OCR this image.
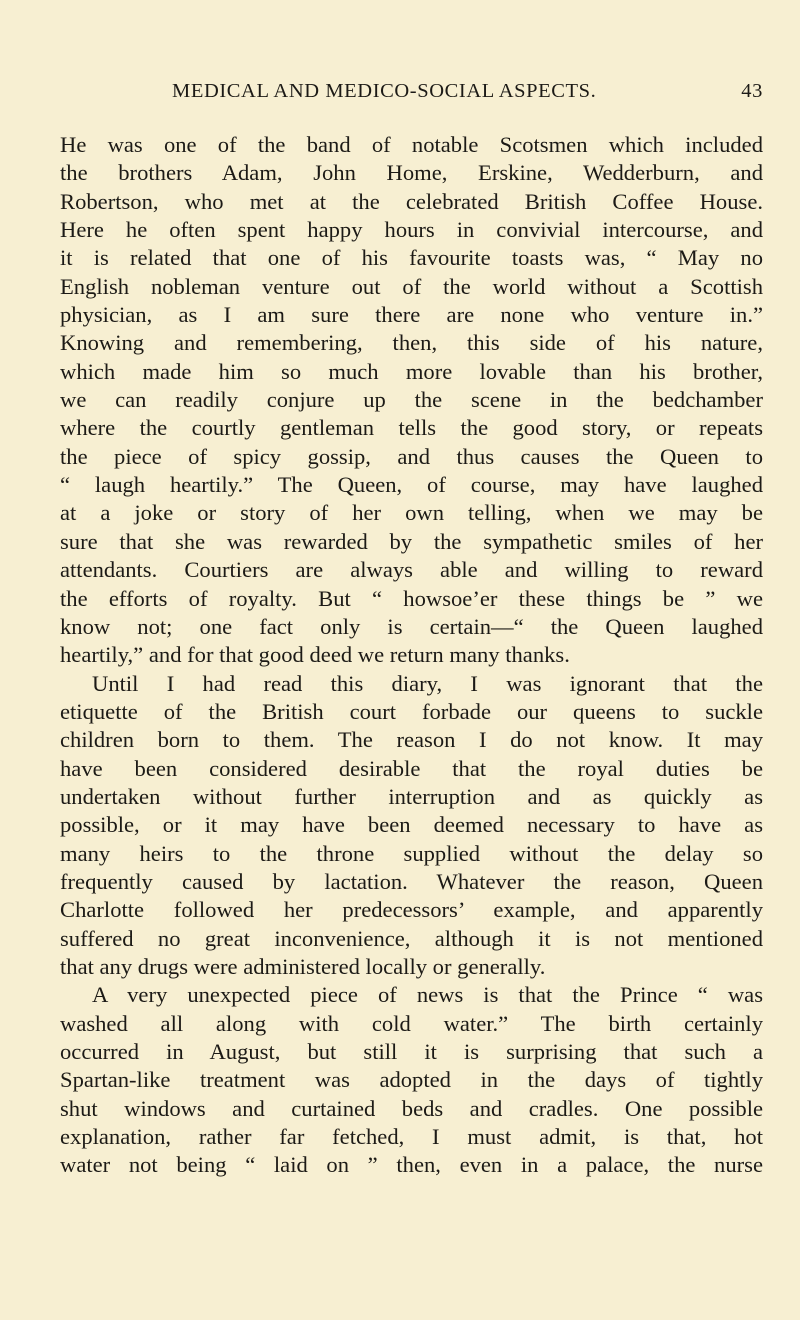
MEDICAL AND MEDICO-SOCIAL ASPECTS.	43
He was one of the band of notable Scotsmen which included
the brothers Adam, John Home, Erskine, Wedderburn, and
Robertson, who met at the celebrated British Coffee House.
Here he often spent happy hours in convivial intercourse, and
it is related that one of his favourite toasts was, “ May no
English nobleman venture out of the world without a Scottish
physician, as I am sure there are none who venture in.”
Knowing and remembering, then, this side of his nature,
which made him so much more lovable than his brother,
we can readily conjure up the scene in the bedchamber
where the courtly gentleman tells the good story, or repeats
the piece of spicy gossip, and thus causes the Queen to
“ laugh heartily.” The Queen, of course, may have laughed
at a joke or story of her own telling, when we may be
sure that she was rewarded by the sympathetic smiles of her
attendants. Courtiers are always able and willing to reward
the efforts of royalty. But “ howsoe’er these things be ” we
know not; one fact only is certain—“ the Queen laughed
heartily,” and for that good deed we return many thanks.
Until I had read this diary, I was ignorant that the
etiquette of the British court forbade our queens to suckle
children born to them. The reason I do not know. It may
have been considered desirable that the royal duties be
undertaken without further interruption and as quickly as
possible, or it may have been deemed necessary to have as
many heirs to the throne supplied without the delay so
frequently caused by lactation. Whatever the reason, Queen
Charlotte followed her predecessors’ example, and apparently
suffered no great inconvenience, although it is not mentioned
that any drugs were administered locally or generally.
A very unexpected piece of news is that the Prince “ was
washed all along with cold water.” The birth certainly
occurred in August, but still it is surprising that such a
Spartan-like treatment was adopted in the days of tightly
shut windows and curtained beds and cradles. One possible
explanation, rather far fetched, I must admit, is that, hot
water not being “ laid on ” then, even in a palace, the nurse
